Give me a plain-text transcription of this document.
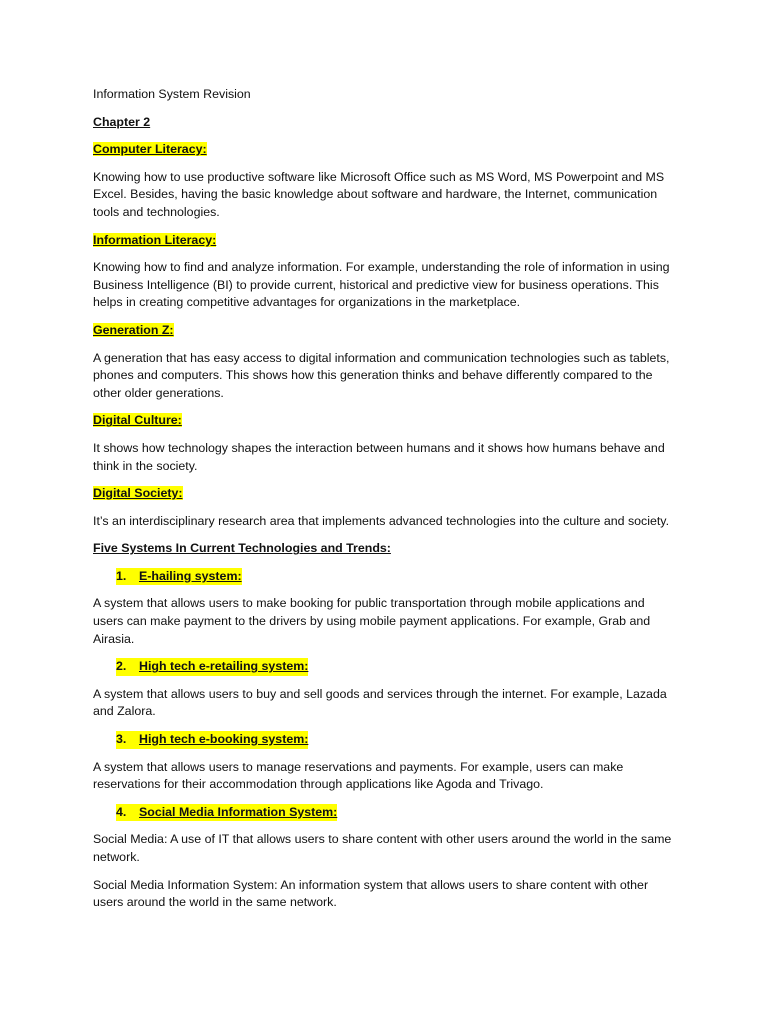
Information System Revision

Chapter 2

Computer Literacy:

Knowing how to use productive software like Microsoft Office such as MS Word, MS Powerpoint and MS Excel. Besides, having the basic knowledge about software and hardware, the Internet, communication tools and technologies.

Information Literacy:

Knowing how to find and analyze information. For example, understanding the role of information in using Business Intelligence (BI) to provide current, historical and predictive view for business operations. This helps in creating competitive advantages for organizations in the marketplace.

Generation Z:

A generation that has easy access to digital information and communication technologies such as tablets, phones and computers. This shows how this generation thinks and behave differently compared to the other older generations.

Digital Culture:

It shows how technology shapes the interaction between humans and it shows how humans behave and think in the society.

Digital Society:

It’s an interdisciplinary research area that implements advanced technologies into the culture and society.

Five Systems In Current Technologies and Trends:

1.	E-hailing system:

A system that allows users to make booking for public transportation through mobile applications and users can make payment to the drivers by using mobile payment applications. For example, Grab and Airasia.

2.	High tech e-retailing system:

A system that allows users to buy and sell goods and services through the internet. For example, Lazada and Zalora.

3.	High tech e-booking system:

A system that allows users to manage reservations and payments. For example, users can make reservations for their accommodation through applications like Agoda and Trivago.

4.	Social Media Information System:

Social Media: A use of IT that allows users to share content with other users around the world in the same network.

Social Media Information System: An information system that allows users to share content with other users around the world in the same network.
